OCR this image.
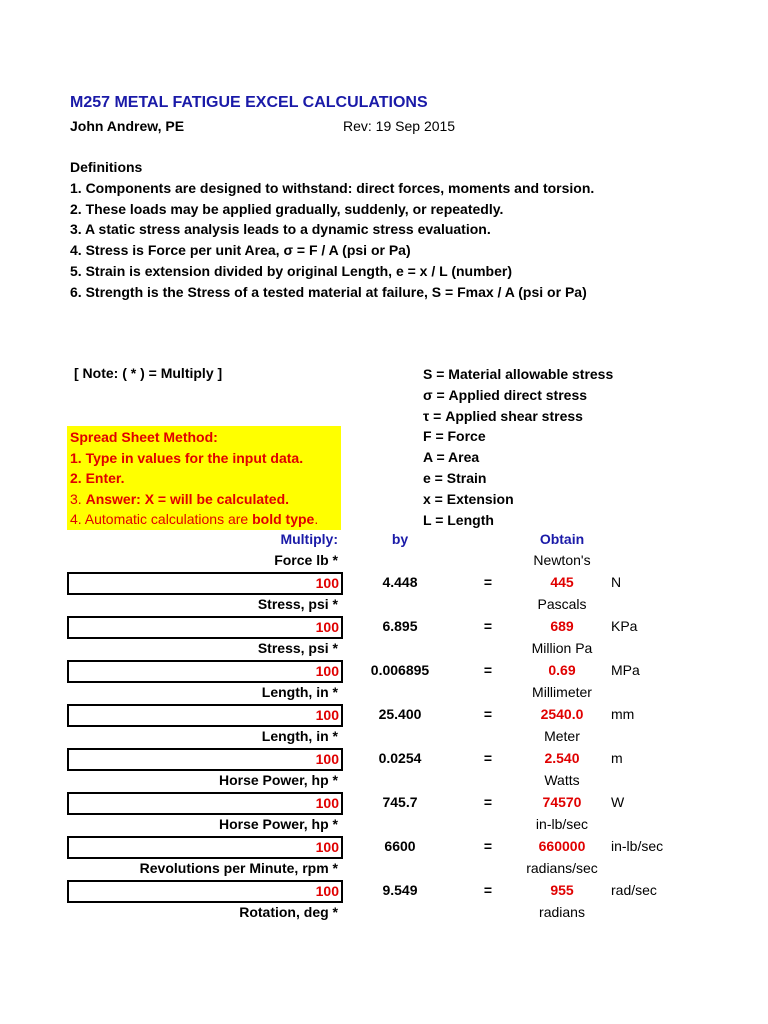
M257 METAL FATIGUE EXCEL CALCULATIONS
John Andrew, PE	Rev: 19 Sep 2015
Definitions
1. Components are designed to withstand: direct forces, moments and torsion.
2. These loads may be applied gradually, suddenly, or repeatedly.
3. A static stress analysis leads to a dynamic stress evaluation.
4. Stress is Force per unit Area, σ = F / A (psi or Pa)
5. Strain is extension divided by original Length, e = x / L (number)
6. Strength is the Stress of a tested material at failure, S = Fmax / A (psi or Pa)
[ Note: ( * ) = Multiply ]	S = Material allowable stress
σ = Applied direct stress
τ = Applied shear stress
F = Force
A = Area
e = Strain
x = Extension
L = Length
Spread Sheet Method:
1. Type in values for the input data.
2. Enter.
3. Answer: X = will be calculated.
4. Automatic calculations are bold type.
Multiply:	by	Obtain
Force lb *	Newton's
100	4.448	=	445	N
Stress, psi *	Pascals
100	6.895	=	689	KPa
Stress, psi *	Million Pa
100	0.006895	=	0.69	MPa
Length, in *	Millimeter
100	25.400	=	2540.0	mm
Length, in *	Meter
100	0.0254	=	2.540	m
Horse Power, hp *	Watts
100	745.7	=	74570	W
Horse Power, hp *	in-lb/sec
100	6600	=	660000	in-lb/sec
Revolutions per Minute, rpm *	radians/sec
100	9.549	=	955	rad/sec
Rotation, deg *	radians
